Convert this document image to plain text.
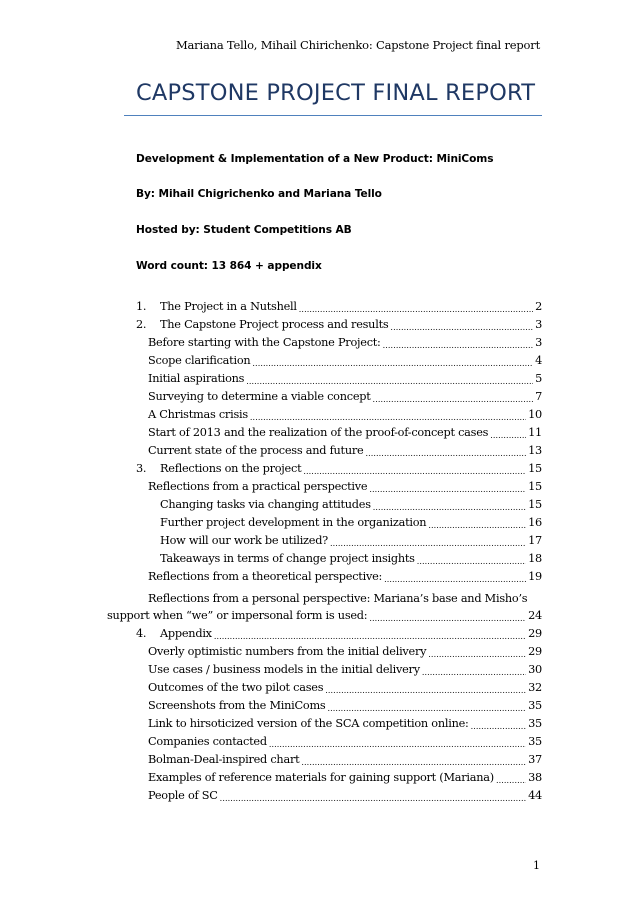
Mariana Tello, Mihail Chirichenko: Capstone Project final report
CAPSTONE PROJECT FINAL REPORT
Development & Implementation of a New Product: MiniComs
By: Mihail Chigrichenko and Mariana Tello
Hosted by: Student Competitions AB
Word count: 13 864 + appendix
1.	The Project in a Nutshell .....	2
2.	The Capstone Project process and results .....	3
Before starting with the Capstone Project: .....	3
Scope clarification .....	4
Initial aspirations .....	5
Surveying to determine a viable concept .....	7
A Christmas crisis .....	10
Start of 2013 and the realization of the proof-of-concept cases .....	11
Current state of the process and future .....	13
3.	Reflections on the project .....	15
Reflections from a practical perspective .....	15
Changing tasks via changing attitudes .....	15
Further project development in the organization .....	16
How will our work be utilized? .....	17
Takeaways in terms of change project insights .....	18
Reflections from a theoretical perspective: .....	19
Reflections from a personal perspective: Mariana’s base and Misho’s
support when “we” or impersonal form is used: .....	24
4.	Appendix .....	29
Overly optimistic numbers from the initial delivery .....	29
Use cases / business models in the initial delivery .....	30
Outcomes of the two pilot cases .....	32
Screenshots from the MiniComs .....	35
Link to hirsoticized version of the SCA competition online: .....	35
Companies contacted .....	35
Bolman-Deal-inspired chart .....	37
Examples of reference materials for gaining support (Mariana) .....	38
People of SC .....	44
1
